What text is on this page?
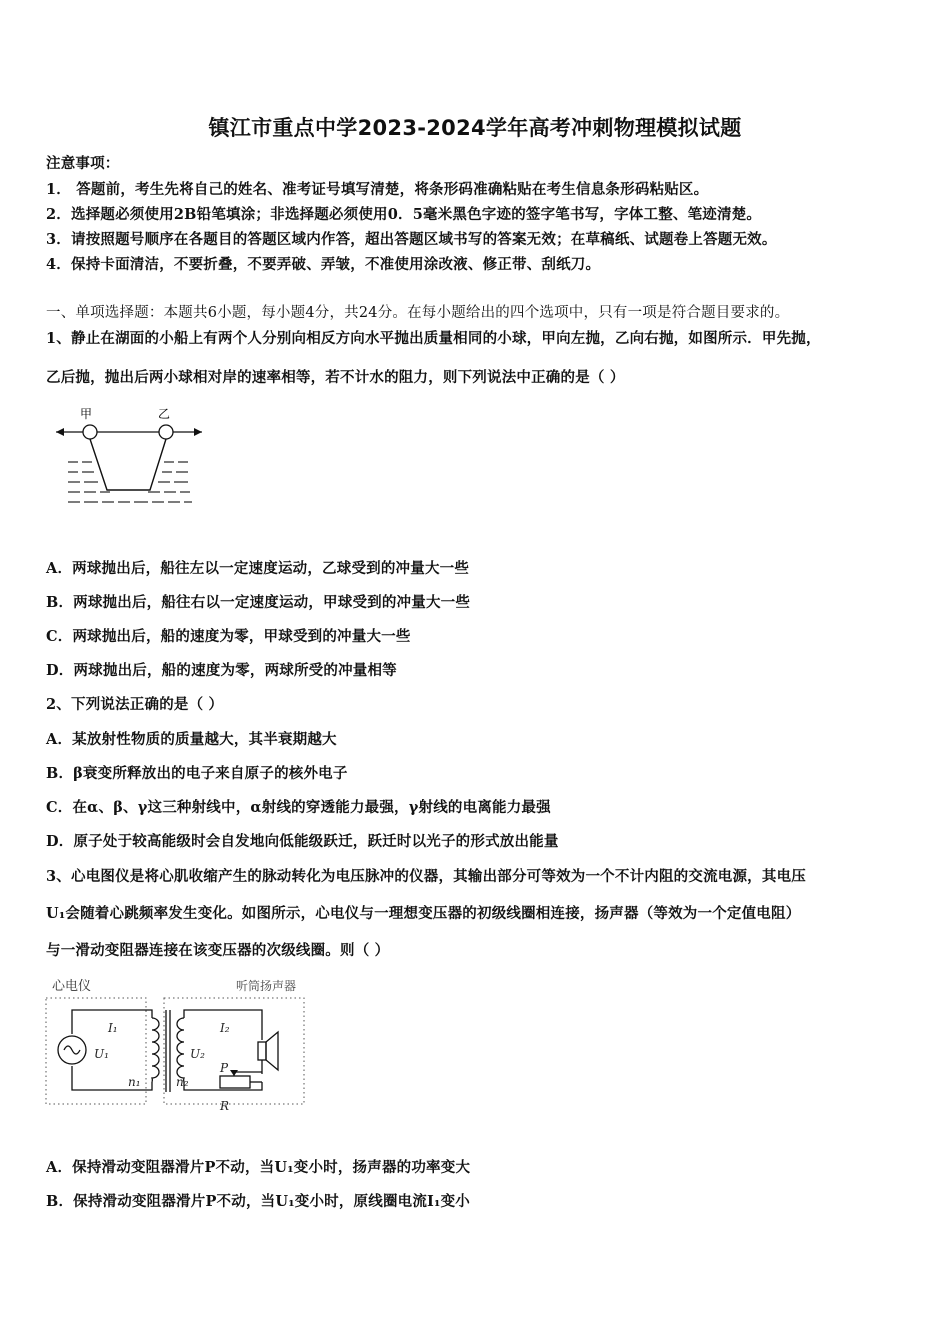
镇江市重点中学2023-2024学年高考冲刺物理模拟试题
注意事项：
1． 答题前，考生先将自己的姓名、准考证号填写清楚，将条形码准确粘贴在考生信息条形码粘贴区。
2．选择题必须使用2B铅笔填涂；非选择题必须使用0．5毫米黑色字迹的签字笔书写，字体工整、笔迹清楚。
3．请按照题号顺序在各题目的答题区域内作答，超出答题区域书写的答案无效；在草稿纸、试题卷上答题无效。
4．保持卡面清洁，不要折叠，不要弄破、弄皱，不准使用涂改液、修正带、刮纸刀。
一、单项选择题：本题共6小题，每小题4分，共24分。在每小题给出的四个选项中，只有一项是符合题目要求的。
1、静止在湖面的小船上有两个人分别向相反方向水平抛出质量相同的小球，甲向左抛，乙向右抛，如图所示．甲先抛，
乙后抛，抛出后两小球相对岸的速率相等，若不计水的阻力，则下列说法中正确的是（ ）
甲	乙
A．两球抛出后，船往左以一定速度运动，乙球受到的冲量大一些
B．两球抛出后，船往右以一定速度运动，甲球受到的冲量大一些
C．两球抛出后，船的速度为零，甲球受到的冲量大一些
D．两球抛出后，船的速度为零，两球所受的冲量相等
2、下列说法正确的是（ ）
A．某放射性物质的质量越大，其半衰期越大
B．β衰变所释放出的电子来自原子的核外电子
C．在α、β、γ这三种射线中，α射线的穿透能力最强，γ射线的电离能力最强
D．原子处于较高能级时会自发地向低能级跃迁，跃迁时以光子的形式放出能量
3、心电图仪是将心肌收缩产生的脉动转化为电压脉冲的仪器，其输出部分可等效为一个不计内阻的交流电源，其电压
U₁会随着心跳频率发生变化。如图所示，心电仪与一理想变压器的初级线圈相连接，扬声器（等效为一个定值电阻）
与一滑动变阻器连接在该变压器的次级线圈。则（ ）
心电仪	听筒扬声器
I₁
U₁
n₁
I₂
U₂
n₂
P
R
A．保持滑动变阻器滑片P不动，当U₁变小时，扬声器的功率变大
B．保持滑动变阻器滑片P不动，当U₁变小时，原线圈电流I₁变小
